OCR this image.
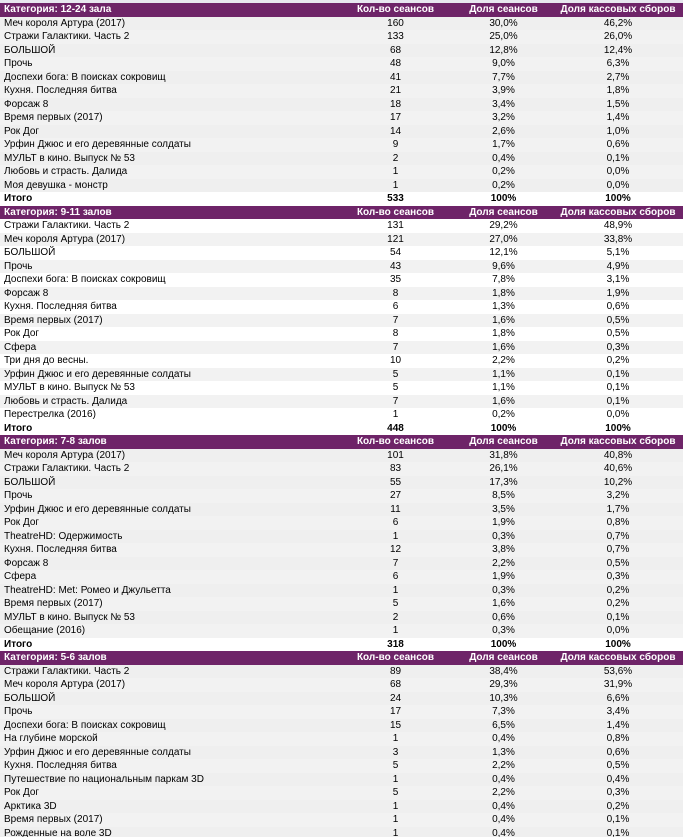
Категория: 12-24 зала	Кол-во сеансов	Доля сеансов	Доля кассовых сборов
Меч короля Артура (2017)	160	30,0%	46,2%
Стражи Галактики. Часть 2	133	25,0%	26,0%
БОЛЬШОЙ	68	12,8%	12,4%
Прочь	48	9,0%	6,3%
Доспехи бога: В поисках сокровищ	41	7,7%	2,7%
Кухня. Последняя битва	21	3,9%	1,8%
Форсаж 8	18	3,4%	1,5%
Время первых (2017)	17	3,2%	1,4%
Рок Дог	14	2,6%	1,0%
Урфин Джюс и его деревянные солдаты	9	1,7%	0,6%
МУЛЬТ в кино. Выпуск № 53	2	0,4%	0,1%
Любовь и страсть. Далида	1	0,2%	0,0%
Моя девушка - монстр	1	0,2%	0,0%
Итого	533	100%	100%
Категория: 9-11 залов	Кол-во сеансов	Доля сеансов	Доля кассовых сборов
Стражи Галактики. Часть 2	131	29,2%	48,9%
Меч короля Артура (2017)	121	27,0%	33,8%
БОЛЬШОЙ	54	12,1%	5,1%
Прочь	43	9,6%	4,9%
Доспехи бога: В поисках сокровищ	35	7,8%	3,1%
Форсаж 8	8	1,8%	1,9%
Кухня. Последняя битва	6	1,3%	0,6%
Время первых (2017)	7	1,6%	0,5%
Рок Дог	8	1,8%	0,5%
Сфера	7	1,6%	0,3%
Три дня до весны.	10	2,2%	0,2%
Урфин Джюс и его деревянные солдаты	5	1,1%	0,1%
МУЛЬТ в кино. Выпуск № 53	5	1,1%	0,1%
Любовь и страсть. Далида	7	1,6%	0,1%
Перестрелка (2016)	1	0,2%	0,0%
Итого	448	100%	100%
Категория: 7-8 залов	Кол-во сеансов	Доля сеансов	Доля кассовых сборов
Меч короля Артура (2017)	101	31,8%	40,8%
Стражи Галактики. Часть 2	83	26,1%	40,6%
БОЛЬШОЙ	55	17,3%	10,2%
Прочь	27	8,5%	3,2%
Урфин Джюс и его деревянные солдаты	11	3,5%	1,7%
Рок Дог	6	1,9%	0,8%
TheatreHD: Одержимость	1	0,3%	0,7%
Кухня. Последняя битва	12	3,8%	0,7%
Форсаж 8	7	2,2%	0,5%
Сфера	6	1,9%	0,3%
TheatreHD: Met: Ромео и Джульетта	1	0,3%	0,2%
Время первых (2017)	5	1,6%	0,2%
МУЛЬТ в кино. Выпуск № 53	2	0,6%	0,1%
Обещание (2016)	1	0,3%	0,0%
Итого	318	100%	100%
Категория: 5-6 залов	Кол-во сеансов	Доля сеансов	Доля кассовых сборов
Стражи Галактики. Часть 2	89	38,4%	53,6%
Меч короля Артура (2017)	68	29,3%	31,9%
БОЛЬШОЙ	24	10,3%	6,6%
Прочь	17	7,3%	3,4%
Доспехи бога: В поисках сокровищ	15	6,5%	1,4%
На глубине морской	1	0,4%	0,8%
Урфин Джюс и его деревянные солдаты	3	1,3%	0,6%
Кухня. Последняя битва	5	2,2%	0,5%
Путешествие по национальным паркам 3D	1	0,4%	0,4%
Рок Дог	5	2,2%	0,3%
Арктика 3D	1	0,4%	0,2%
Время первых (2017)	1	0,4%	0,1%
Рожденные на воле 3D	1	0,4%	0,1%
